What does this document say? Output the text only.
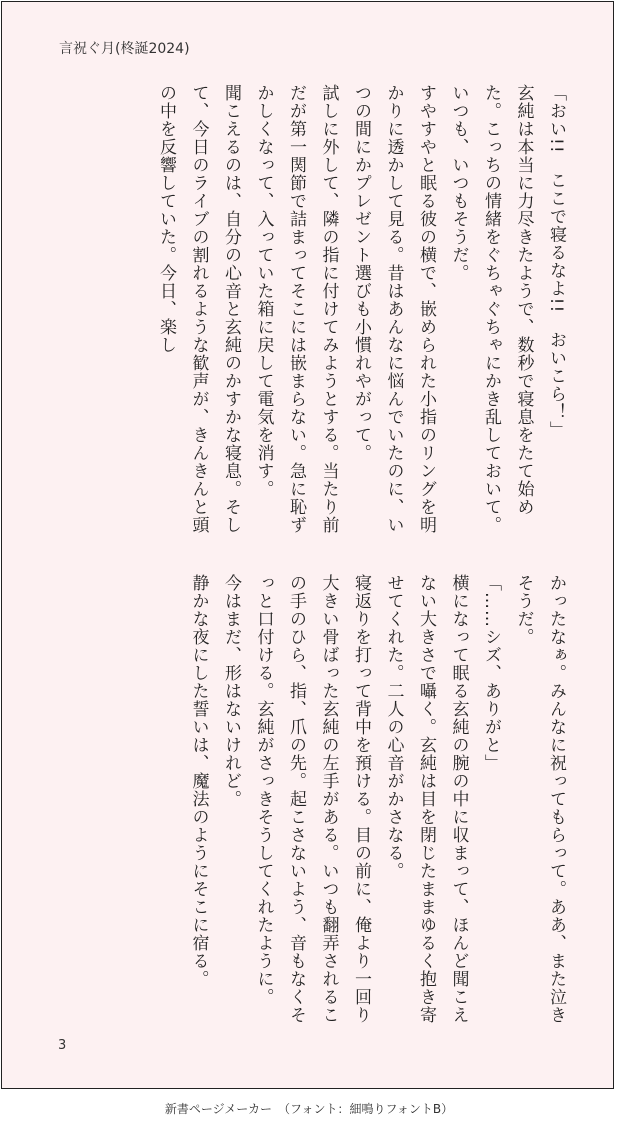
言祝ぐ月(柊誕2024)

「おい!!　ここで寝るなよ!!　おいこら！」

玄純は本当に力尽きたようで、数秒で寝息をたて始めた。こっちの情緒をぐちゃぐちゃにかき乱しておいて。いつも、いつもそうだ。

すやすやと眠る彼の横で、嵌められた小指のリングを明かりに透かして見る。昔はあんなに悩んでいたのに、いつの間にかプレゼント選びも小慣れやがって。

試しに外して、隣の指に付けてみようとする。当たり前だが第一関節で詰まってそこには嵌まらない。急に恥ずかしくなって、入っていた箱に戻して電気を消す。

聞こえるのは、自分の心音と玄純のかすかな寝息。そして、今日のライブの割れるような歓声が、きんきんと頭の中を反響していた。今日、楽し

かったなぁ。みんなに祝ってもらって。ああ、また泣きそうだ。

「……シズ、ありがと」

横になって眠る玄純の腕の中に収まって、ほんど聞こえない大きさで囁く。玄純は目を閉じたままゆるく抱き寄せてくれた。二人の心音がかさなる。

寝返りを打って背中を預ける。目の前に、俺より一回り大きい骨ばった玄純の左手がある。いつも翻弄されるこの手のひら、指、爪の先。起こさないよう、音もなくそっと口付ける。玄純がさっきそうしてくれたように。

今はまだ、形はないけれど。

静かな夜にした誓いは、魔法のようにそこに宿る。

3
新書ページメーカー　（フォント：細鳴りフォントB）
